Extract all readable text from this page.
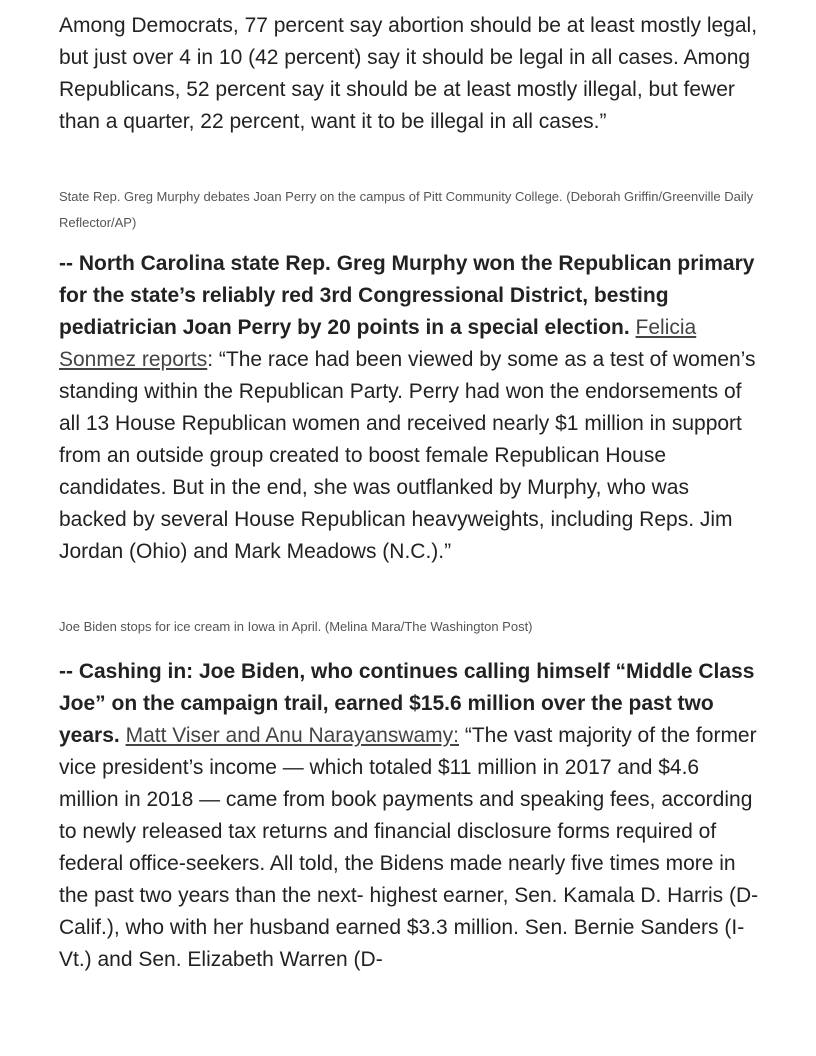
Among Democrats, 77 percent say abortion should be at least mostly legal, but just over 4 in 10 (42 percent) say it should be legal in all cases. Among Republicans, 52 percent say it should be at least mostly illegal, but fewer than a quarter, 22 percent, want it to be illegal in all cases.”

State Rep. Greg Murphy debates Joan Perry on the campus of Pitt Community College. (Deborah Griffin/Greenville Daily Reflector/AP)

-- North Carolina state Rep. Greg Murphy won the Republican primary for the state’s reliably red 3rd Congressional District, besting pediatrician Joan Perry by 20 points in a special election. Felicia Sonmez reports: “The race had been viewed by some as a test of women’s standing within the Republican Party. Perry had won the endorsements of all 13 House Republican women and received nearly $1 million in support from an outside group created to boost female Republican House candidates. But in the end, she was outflanked by Murphy, who was backed by several House Republican heavyweights, including Reps. Jim Jordan (Ohio) and Mark Meadows (N.C.).”

Joe Biden stops for ice cream in Iowa in April. (Melina Mara/The Washington Post)

-- Cashing in: Joe Biden, who continues calling himself “Middle Class Joe” on the campaign trail, earned $15.6 million over the past two years. Matt Viser and Anu Narayanswamy: “The vast majority of the former vice president’s income — which totaled $11 million in 2017 and $4.6 million in 2018 — came from book payments and speaking fees, according to newly released tax returns and financial disclosure forms required of federal office-seekers. All told, the Bidens made nearly five times more in the past two years than the next- highest earner, Sen. Kamala D. Harris (D-Calif.), who with her husband earned $3.3 million. Sen. Bernie Sanders (I-Vt.) and Sen. Elizabeth Warren (D-
